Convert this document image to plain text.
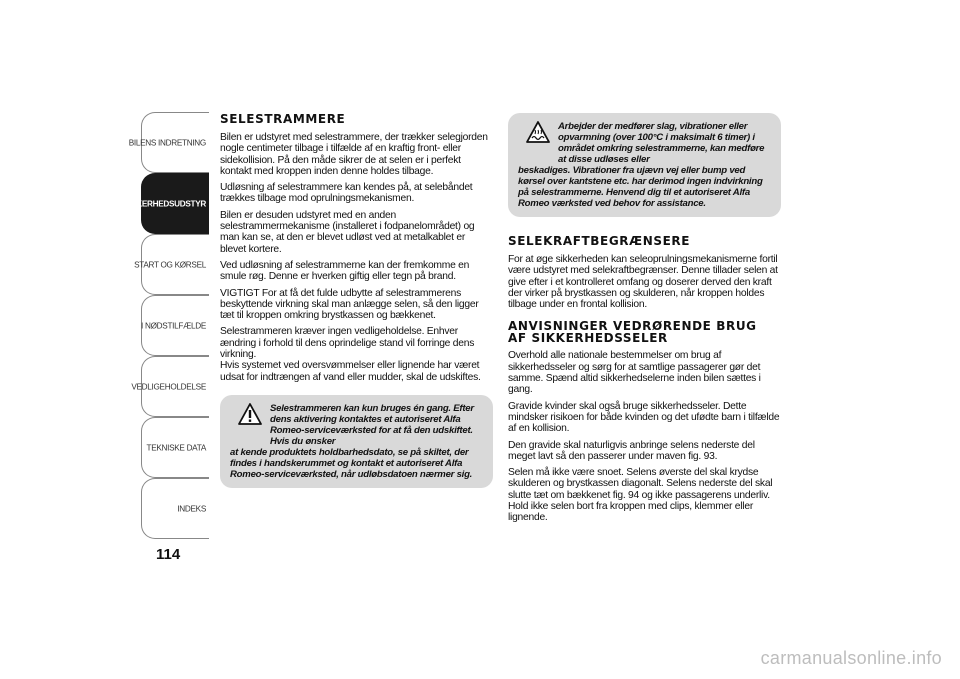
BILENS INDRETNING
SIKKERHEDSUDSTYR
START OG KØRSEL
I NØDSTILFÆLDE
VEDLIGEHOLDELSE
TEKNISKE DATA
INDEKS
114
SELESTRAMMERE

Bilen er udstyret med selestrammere, der trækker selegjorden nogle centimeter tilbage i tilfælde af en kraftig front- eller sidekollision. På den måde sikrer de at selen er i perfekt kontakt med kroppen inden denne holdes tilbage.

Udløsning af selestrammere kan kendes på, at selebåndet trækkes tilbage mod oprulningsmekanismen.

Bilen er desuden udstyret med en anden selestrammermekanisme (installeret i fodpanelområdet) og man kan se, at den er blevet udløst ved at metalkablet er blevet kortere.

Ved udløsning af selestrammerne kan der fremkomme en smule røg. Denne er hverken giftig eller tegn på brand.

VIGTIGT For at få det fulde udbytte af selestrammerens beskyttende virkning skal man anlægge selen, så den ligger tæt til kroppen omkring brystkassen og bækkenet.

Selestrammeren kræver ingen vedligeholdelse. Enhver ændring i forhold til dens oprindelige stand vil forringe dens virkning.

Hvis systemet ved oversvømmelser eller lignende har været udsat for indtrængen af vand eller mudder, skal de udskiftes.

Selestrammeren kan kun bruges én gang. Efter dens aktivering kontaktes et autoriseret Alfa Romeo-serviceværksted for at få den udskiftet. Hvis du ønsker
at kende produktets holdbarhedsdato, se på skiltet, der findes i handskerummet og kontakt et autoriseret Alfa Romeo-serviceværksted, når udløbsdatoen nærmer sig.
Arbejder der medfører slag, vibrationer eller opvarmning (over 100°C i maksimalt 6 timer) i området omkring selestrammerne, kan medføre at disse udløses eller
beskadiges. Vibrationer fra ujævn vej eller bump ved kørsel over kantstene etc. har derimod ingen indvirkning på selestrammerne. Henvend dig til et autoriseret Alfa Romeo værksted ved behov for assistance.
SELEKRAFTBEGRÆNSERE

For at øge sikkerheden kan seleoprulningsmekanismerne fortil være udstyret med selekraftbegrænser. Denne tillader selen at give efter i et kontrolleret omfang og doserer derved den kraft der virker på brystkassen og skulderen, når kroppen holdes tilbage under en frontal kollision.

ANVISNINGER VEDRØRENDE BRUG AF SIKKERHEDSSELER

Overhold alle nationale bestemmelser om brug af sikkerhedsseler og sørg for at samtlige passagerer gør det samme. Spænd altid sikkerhedselerne inden bilen sættes i gang.

Gravide kvinder skal også bruge sikkerhedsseler. Dette mindsker risikoen for både kvinden og det ufødte barn i tilfælde af en kollision.

Den gravide skal naturligvis anbringe selens nederste del meget lavt så den passerer under maven fig. 93.

Selen må ikke være snoet. Selens øverste del skal krydse skulderen og brystkassen diagonalt. Selens nederste del skal slutte tæt om bækkenet fig. 94 og ikke passagerens underliv. Hold ikke selen bort fra kroppen med clips, klemmer eller lignende.

carmanualsonline.info
